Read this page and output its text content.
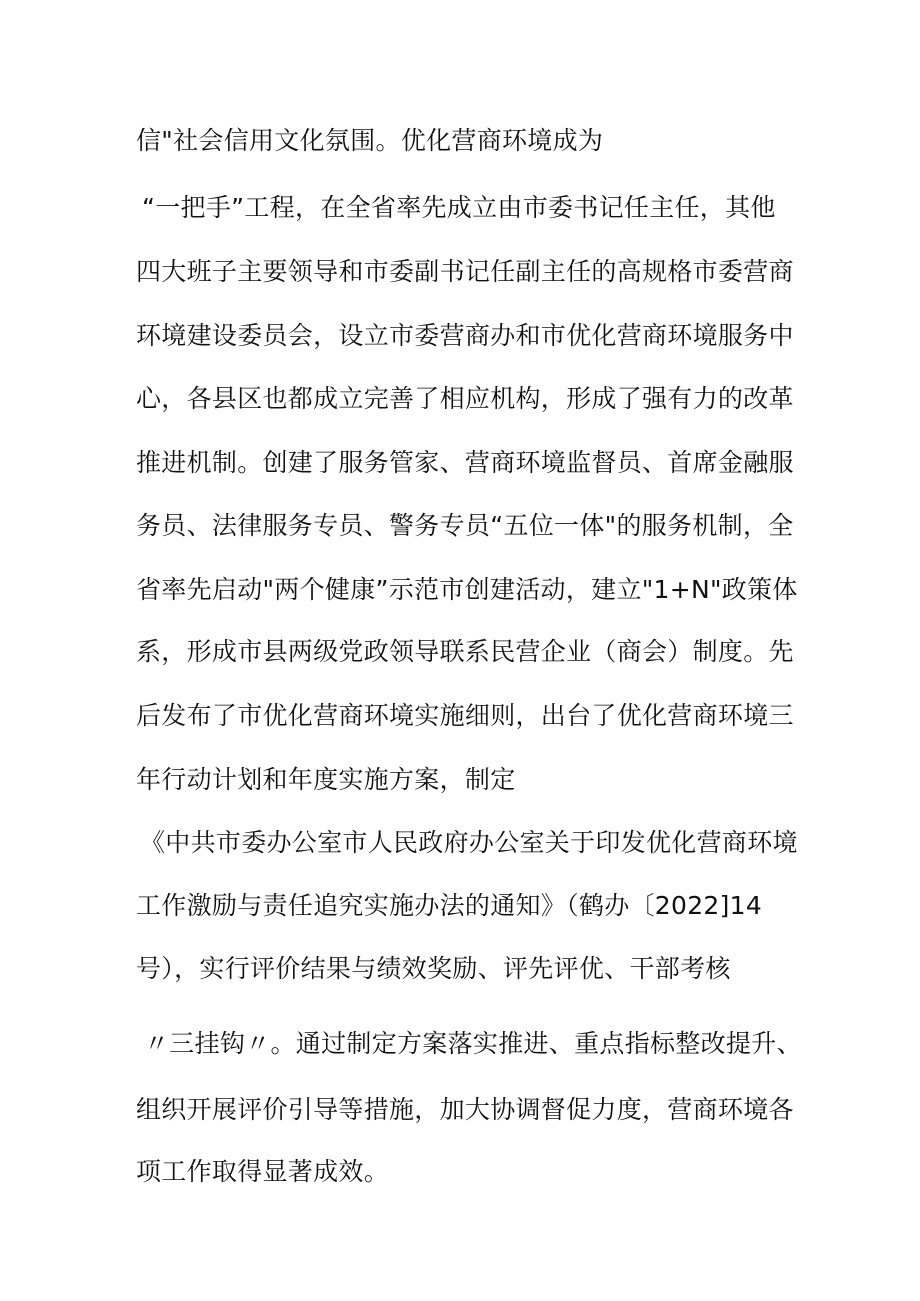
信"社会信用文化氛围。优化营商环境成为
“一把手”工程，在全省率先成立由市委书记任主任，其他
四大班子主要领导和市委副书记任副主任的高规格市委营商
环境建设委员会，设立市委营商办和市优化营商环境服务中
心，各县区也都成立完善了相应机构，形成了强有力的改革
推进机制。创建了服务管家、营商环境监督员、首席金融服
务员、法律服务专员、警务专员“五位一体"的服务机制，全
省率先启动"两个健康”示范市创建活动，建立"1+N"政策体
系，形成市县两级党政领导联系民营企业（商会）制度。先
后发布了市优化营商环境实施细则，出台了优化营商环境三
年行动计划和年度实施方案，制定
《中共市委办公室市人民政府办公室关于印发优化营商环境
工作激励与责任追究实施办法的通知》（鹤办〔2022]14
号），实行评价结果与绩效奖励、评先评优、干部考核
〃三挂钩〃。通过制定方案落实推进、重点指标整改提升、
组织开展评价引导等措施，加大协调督促力度，营商环境各
项工作取得显著成效。
